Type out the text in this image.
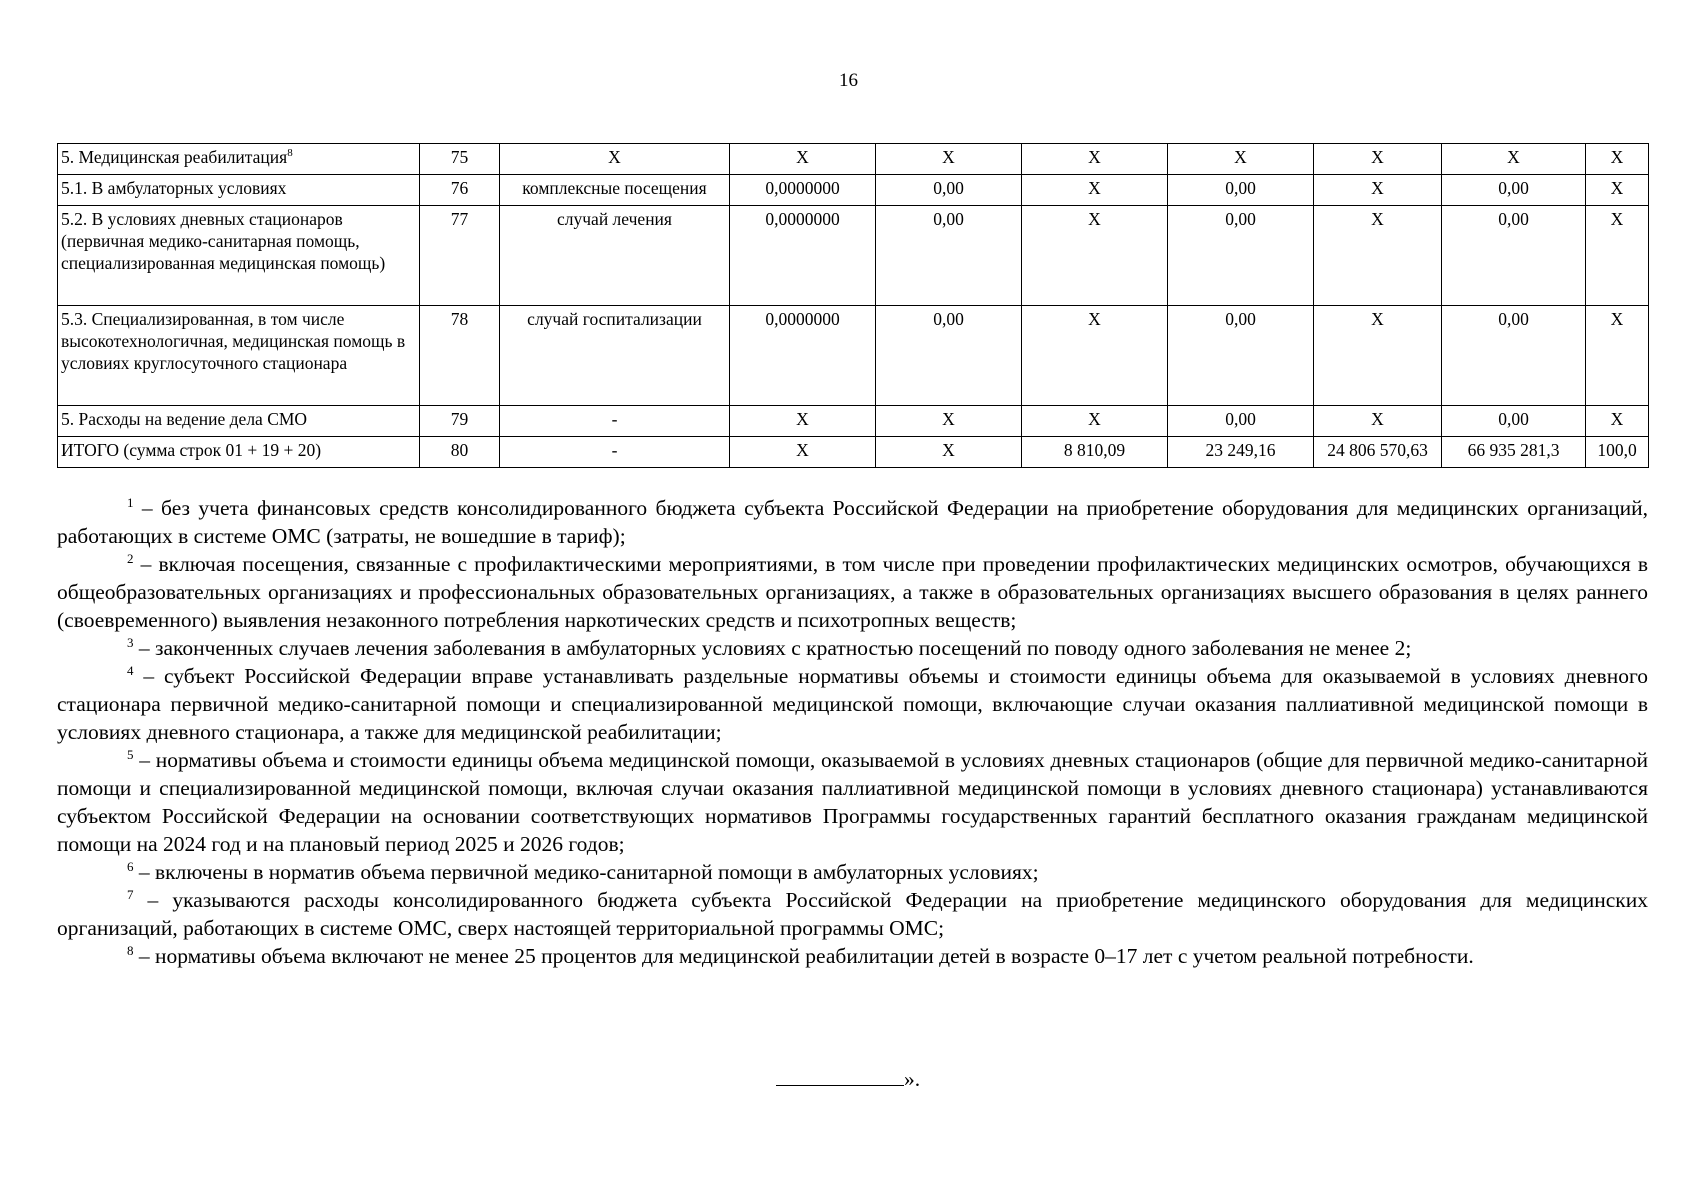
16
5. Медицинская реабилитация$^8$	75	Х	Х	Х	Х	Х	Х	Х	Х
5.1. В амбулаторных условиях	76	комплексные посещения	0,0000000	0,00	Х	0,00	Х	0,00	Х
5.2. В условиях дневных стационаров (первичная медико-санитарная помощь, специализированная медицинская помощь)	77	случай лечения	0,0000000	0,00	Х	0,00	Х	0,00	Х
5.3. Специализированная, в том числе высокотехнологичная, медицинская помощь в условиях круглосуточного стационара	78	случай госпитализации	0,0000000	0,00	Х	0,00	Х	0,00	Х
5. Расходы на ведение дела СМО	79	-	Х	Х	Х	0,00	Х	0,00	Х
ИТОГО (сумма строк 01 + 19 + 20)	80	-	Х	Х	8 810,09	23 249,16	24 806 570,63	66 935 281,3	100,0

$^1$ – без учета финансовых средств консолидированного бюджета субъекта Российской Федерации на приобретение оборудования для медицинских организаций, работающих в системе ОМС (затраты, не вошедшие в тариф);

$^2$ – включая посещения, связанные с профилактическими мероприятиями, в том числе при проведении профилактических медицинских осмотров, обучающихся в общеобразовательных организациях и профессиональных образовательных организациях, а также в образовательных организациях высшего образования в целях раннего (своевременного) выявления незаконного потребления наркотических средств и психотропных веществ;

$^3$ – законченных случаев лечения заболевания в амбулаторных условиях с кратностью посещений по поводу одного заболевания не менее 2;

$^4$ – субъект Российской Федерации вправе устанавливать раздельные нормативы объемы и стоимости единицы объема для оказываемой в условиях дневного стационара первичной медико-санитарной помощи и специализированной медицинской помощи, включающие случаи оказания паллиативной медицинской помощи в условиях дневного стационара, а также для медицинской реабилитации;

$^5$ – нормативы объема и стоимости единицы объема медицинской помощи, оказываемой в условиях дневных стационаров (общие для первичной медико-санитарной помощи и специализированной медицинской помощи, включая случаи оказания паллиативной медицинской помощи в условиях дневного стационара) устанавливаются субъектом Российской Федерации на основании соответствующих нормативов Программы государственных гарантий бесплатного оказания гражданам медицинской помощи на 2024 год и на плановый период 2025 и 2026 годов;

$^6$ – включены в норматив объема первичной медико-санитарной помощи в амбулаторных условиях;

$^7$ – указываются расходы консолидированного бюджета субъекта Российской Федерации на приобретение медицинского оборудования для медицинских организаций, работающих в системе ОМС, сверх настоящей территориальной программы ОМС;

$^8$ – нормативы объема включают не менее 25 процентов для медицинской реабилитации детей в возрасте 0–17 лет с учетом реальной потребности.

».
